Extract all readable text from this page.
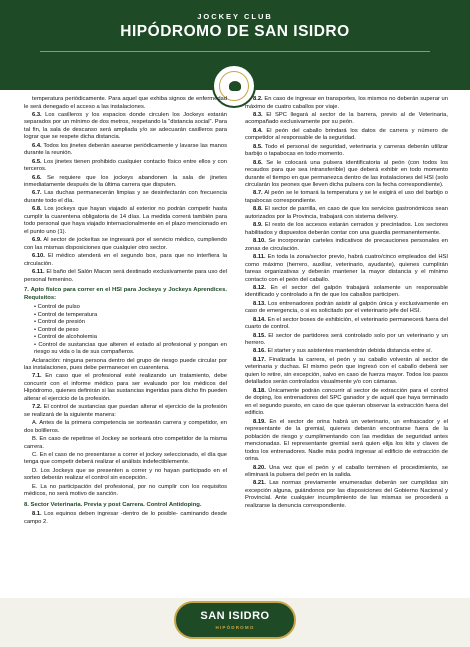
JOCKEY CLUB
HIPÓDROMO DE SAN ISIDRO

temperatura periódicamente. Para aquel que exhiba signos de enfermedad le será denegado el acceso a las instalaciones.

6.3. Los casilleros y los espacios donde circulen los Jockeys estarán separados por un mínimo de dos metros, respetando la “distancia social”. Para tal fin, la sala de descanso será ampliada y/o se adecuarán casilleros para lograr que se respete dicha distancia.

6.4. Todos los jinetes deberán asearse periódicamente y lavarse las manos durante la reunión.

6.5. Los jinetes tienen prohibido cualquier contacto físico entre ellos y con terceros.

6.6. Se requiere que los jockeys abandonen la sala de jinetes inmediatamente después de la última carrera que disputen.

6.7. Las duchas permanecerán limpias y se desinfectarán con frecuencia durante todo el día.

6.8. Los jockeys que hayan viajado al exterior no podrán competir hasta cumplir la cuarentena obligatoria de 14 días. La medida correrá también para todo personal que haya viajado internacionalmente en el plazo mencionado en el punto uno (1).

6.9. Al sector de jockeítas se ingresará por el servicio médico, cumpliendo con las mismas disposiciones que cualquier otro sector.

6.10. El médico atenderá en el segundo box, para que no interfiera la circulación.

6.11. El baño del Salón Macon será destinado exclusivamente para uso del personal femenino.

7. Apto físico para correr en el HSI para Jockeys y Jockeys Aprendices. Requisitos:
• Control de pulso
• Control de temperatura
• Control de presión
• Control de peso
• Control de alcoholemia
• Control de sustancias que alteren el estado al profesional y pongan en riesgo su vida o la de sus compañeros.

Aclaración: ninguna persona dentro del grupo de riesgo puede circular por las instalaciones, pues debe permanecer en cuarentena.

7.1. En caso que el profesional esté realizando un tratamiento, debe concurrir con el informe médico para ser evaluado por los médicos del Hipódromo, quienes definirán si las sustancias ingeridas para dicho fin pueden alterar el ejercicio de la profesión.

7.2. El control de sustancias que puedan alterar el ejercicio de la profesión se realizará de la siguiente manera:

A. Antes de la primera competencia se sortearán carrera y competidor, en dos bolilleros.

B. En caso de repetirse el Jockey se sorteará otro competidor de la misma carrera.

C. En el caso de no presentarse a correr el jockey seleccionado, el día que tenga que competir deberá realizar el análisis indefectiblemente.

D. Los Jockeys que se presenten a correr y no hayan participado en el sorteo deberán realizar el control sin excepción.

E. La no participación del profesional, por no cumplir con los requisitos médicos, no será motivo de sanción.

8. Sector Veterinaria. Previa y post Carrera. Control Antidoping.

8.1. Los equinos deben ingresar -dentro de lo posible- caminando desde campo 2.

8.2. En caso de ingresar en transportes, los mismos no deberán superar un máximo de cuatro caballos por viaje.

8.3. El SPC llegará al sector de la barrera, previo al de Veterinaria, acompañado exclusivamente por su peón.

8.4. El peón del caballo brindará los datos de carrera y número de competidor al responsable de la seguridad.

8.5. Todo el personal de seguridad, veterinaria y carreras deberán utilizar barbijo o tapabocas en todo momento.

8.6. Se le colocará una pulsera identificatoria al peón (con todos los recaudos para que sea intransferible) que deberá exhibir en todo momento durante el tiempo en que permanezca dentro de las instalaciones del HSI (solo circularán los peones que lleven dicha pulsera con la fecha correspondiente).

8.7. Al peón se le tomará la temperatura y se le exigirá el uso del barbijo o tapabocas correspondiente.

8.8. El sector de parrilla, en caso de que los servicios gastronómicos sean autorizados por la Provincia, trabajará con sistema delivery.

8.9. El resto de los accesos estarán cerrados y precintados. Los sectores habilitados y dispuestos deberán contar con una guardia permanentemente.

8.10. Se incorporarán carteles indicativos de precauciones personales en zonas de circulación.

8.11. En toda la zona/sector previo, habrá cuatro/cinco empleados del HSI como máximo (herrero, auxiliar, veterinario, ayudante), quienes cumplirán tareas organizativas y deberán mantener la mayor distancia y el mínimo contacto con el peón del caballo.

8.12. En el sector del galpón trabajará solamente un responsable identificado y controlado a fin de que los caballos participen.

8.13. Los entrenadores podrán asistir al galpón única y exclusivamente en caso de emergencia, o si es solicitado por el veterinario jefe del HSI.

8.14. En el sector boxes de exhibición, el veterinario permanecerá fuera del cuarto de control.

8.15. El sector de partidores será controlado solo por un veterinario y un herrero.

8.16. El starter y sus asistentes mantendrán debida distancia entre sí.

8.17. Finalizada la carrera, el peón y su caballo volverán al sector de veterinaria y duchas. El mismo peón que ingresó con el caballo deberá ser quien lo retire, sin excepción, salvo en caso de fuerza mayor. Todos los pasos detallados serán controlados visualmente y/o con cámaras.

8.18. Únicamente podrán concurrir al sector de extracción para el control de doping, los entrenadores del SPC ganador y de aquél que haya terminado en el segundo puesto, en caso de que quieran observar la extracción fuera del edificio.

8.19. En el sector de orina habrá un veterinario, un enfrascador y el representante de la gremial, quienes deberán encontrarse fuera de la población de riesgo y cumplimentando con las medidas de seguridad antes mencionadas. El representante gremial será quien elija los kits y claves de todos los entrenadores. Nadie más podrá ingresar al edificio de extracción de orina.

8.20. Una vez que el peón y el caballo terminen el procedimiento, se eliminará la pulsera del peón en la salida.

8.21. Las normas previamente enumeradas deberán ser cumplidas sin excepción alguna, guiándonos por las disposiciones del Gobierno Nacional y Provincial. Ante cualquier incumplimiento de las mismas se procederá a realizarse la denuncia correspondiente.

SAN ISIDRO
HIPÓDROMO
